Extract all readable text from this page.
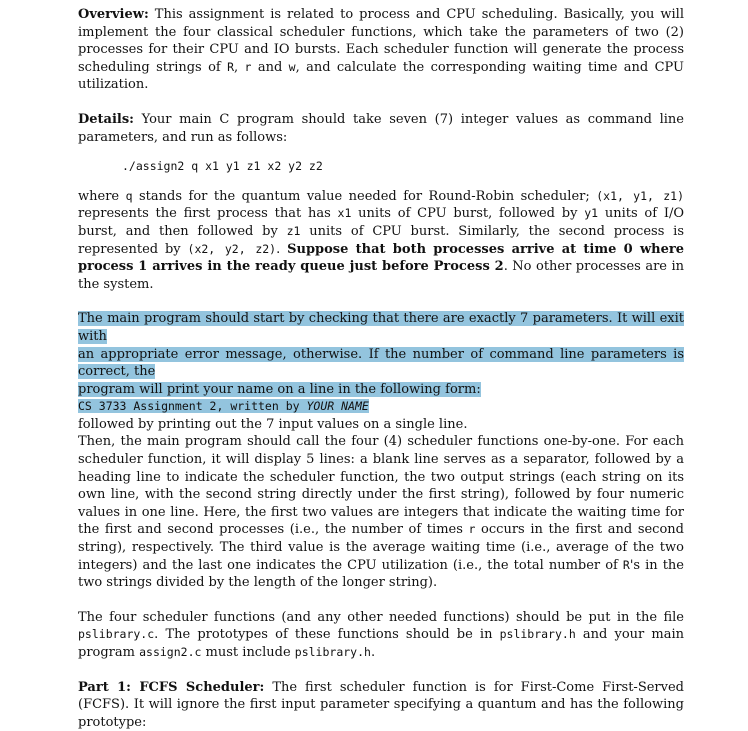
Overview: This assignment is related to process and CPU scheduling. Basically, you will implement the four classical scheduler functions, which take the parameters of two (2) processes for their CPU and IO bursts. Each scheduler function will generate the process scheduling strings of R, r and w, and calculate the corresponding waiting time and CPU utilization.

Details: Your main C program should take seven (7) integer values as command line parameters, and run as follows:

./assign2 q x1 y1 z1 x2 y2 z2

where q stands for the quantum value needed for Round-Robin scheduler; (x1, y1, z1) represents the first process that has x1 units of CPU burst, followed by y1 units of I/O burst, and then followed by z1 units of CPU burst. Similarly, the second process is represented by (x2, y2, z2). Suppose that both processes arrive at time 0 where process 1 arrives in the ready queue just before Process 2. No other processes are in the system.

The main program should start by checking that there are exactly 7 parameters. It will exit with
an appropriate error message, otherwise. If the number of command line parameters is correct, the
program will print your name on a line in the following form:
CS 3733 Assignment 2, written by YOUR NAME
followed by printing out the 7 input values on a single line.
Then, the main program should call the four (4) scheduler functions one-by-one. For each scheduler function, it will display 5 lines: a blank line serves as a separator, followed by a heading line to indicate the scheduler function, the two output strings (each string on its own line, with the second string directly under the first string), followed by four numeric values in one line. Here, the first two values are integers that indicate the waiting time for the first and second processes (i.e., the number of times r occurs in the first and second string), respectively. The third value is the average waiting time (i.e., average of the two integers) and the last one indicates the CPU utilization (i.e., the total number of R's in the two strings divided by the length of the longer string).

The four scheduler functions (and any other needed functions) should be put in the file pslibrary.c. The prototypes of these functions should be in pslibrary.h and your main program assign2.c must include pslibrary.h.

Part 1: FCFS Scheduler: The first scheduler function is for First-Come First-Served (FCFS). It will ignore the first input parameter specifying a quantum and has the following prototype:
